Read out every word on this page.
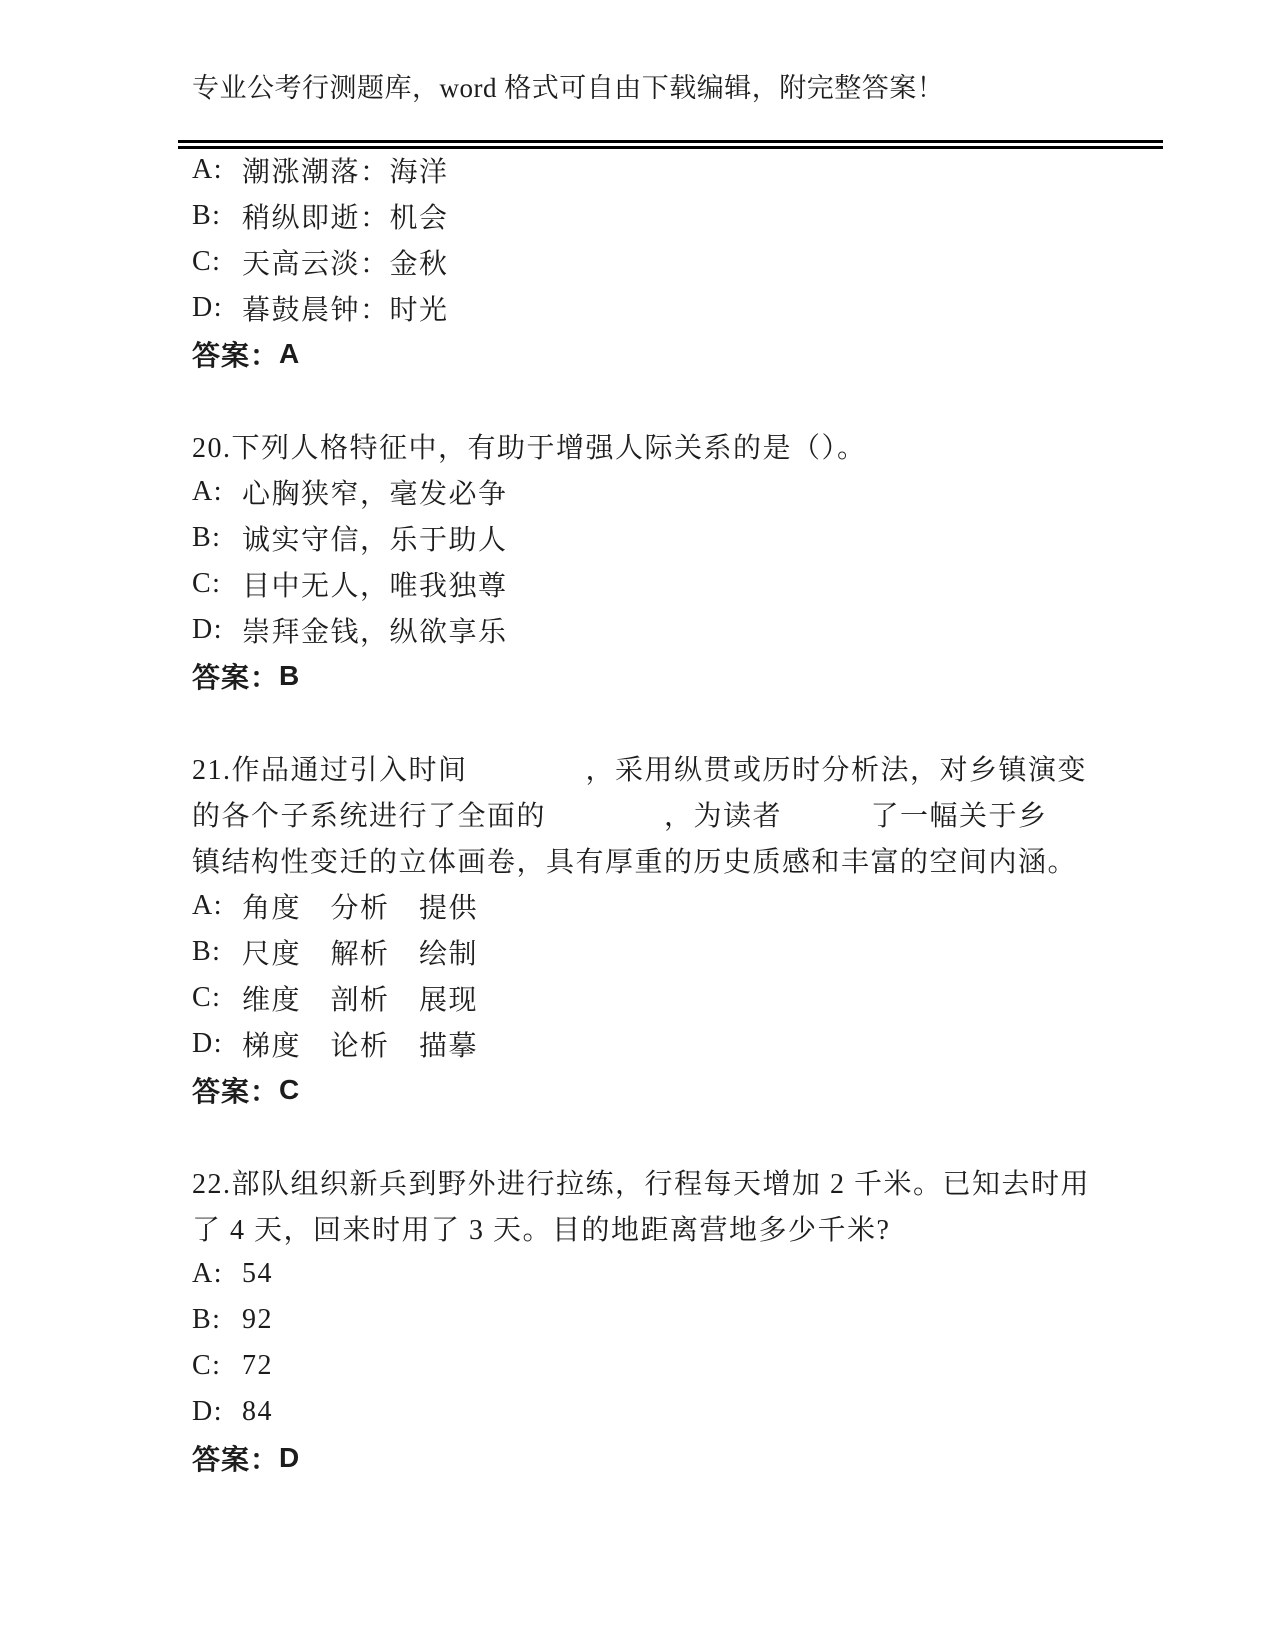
专业公考行测题库，word 格式可自由下载编辑，附完整答案！
A: 潮涨潮落：海洋
B: 稍纵即逝：机会
C: 天高云淡：金秋
D: 暮鼓晨钟：时光
答案： A
20.下列人格特征中，有助于增强人际关系的是（）。
A: 心胸狭窄，毫发必争
B: 诚实守信，乐于助人
C: 目中无人，唯我独尊
D: 崇拜金钱，纵欲享乐
答案： B
21.作品通过引入时间　　　　，采用纵贯或历时分析法，对乡镇演变
的各个子系统进行了全面的　　　　，为读者　　　了一幅关于乡
镇结构性变迁的立体画卷，具有厚重的历史质感和丰富的空间内涵。
A: 角度　分析　提供
B: 尺度　解析　绘制
C: 维度　剖析　展现
D: 梯度　论析　描摹
答案： C
22.部队组织新兵到野外进行拉练，行程每天增加 2 千米。已知去时用
了 4 天，回来时用了 3 天。目的地距离营地多少千米?
A: 54
B: 92
C: 72
D: 84
答案： D
